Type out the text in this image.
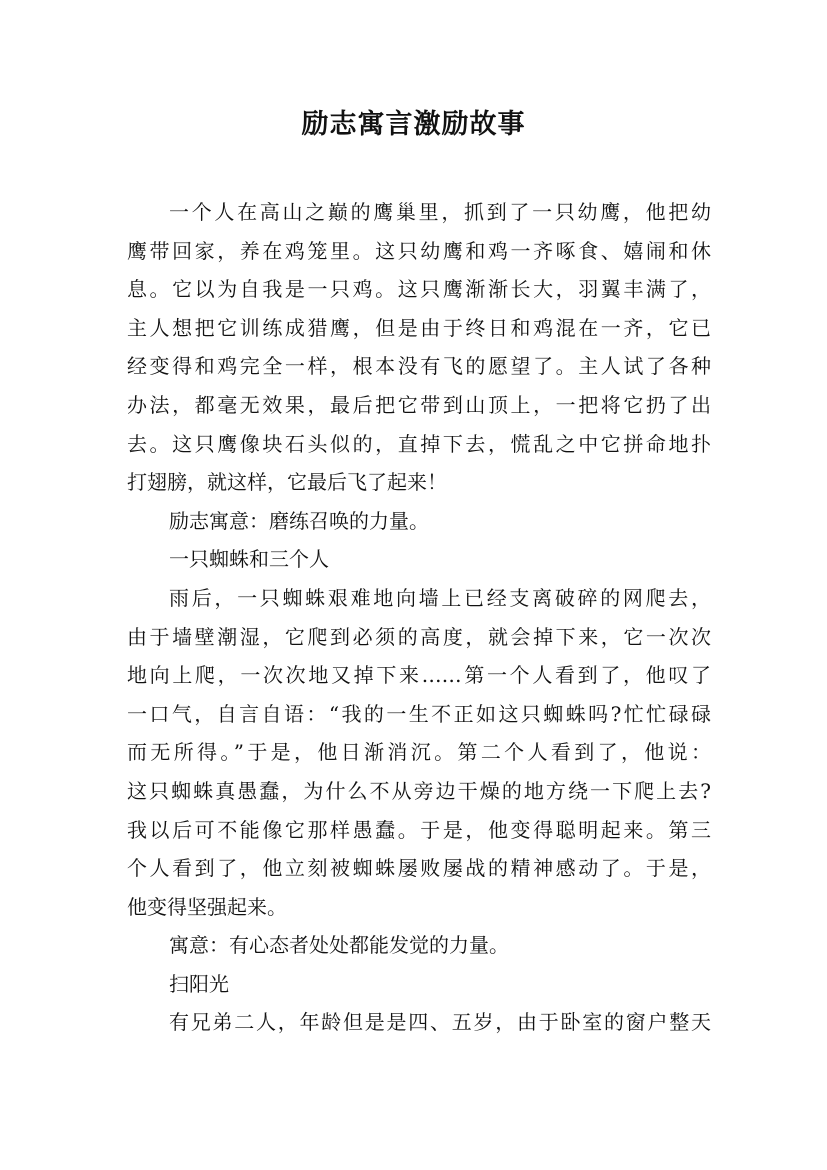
励志寓言激励故事
一个人在高山之巅的鹰巢里，抓到了一只幼鹰，他把幼
鹰带回家，养在鸡笼里。这只幼鹰和鸡一齐啄食、嬉闹和休
息。它以为自我是一只鸡。这只鹰渐渐长大，羽翼丰满了，
主人想把它训练成猎鹰，但是由于终日和鸡混在一齐，它已
经变得和鸡完全一样，根本没有飞的愿望了。主人试了各种
办法，都毫无效果，最后把它带到山顶上，一把将它扔了出
去。这只鹰像块石头似的，直掉下去，慌乱之中它拼命地扑
打翅膀，就这样，它最后飞了起来！
励志寓意：磨练召唤的力量。
一只蜘蛛和三个人
雨后，一只蜘蛛艰难地向墙上已经支离破碎的网爬去，
由于墙壁潮湿，它爬到必须的高度，就会掉下来，它一次次
地向上爬，一次次地又掉下来……第一个人看到了，他叹了
一口气，自言自语：“我的一生不正如这只蜘蛛吗?忙忙碌碌
而无所得。”于是，他日渐消沉。第二个人看到了，他说：
这只蜘蛛真愚蠢，为什么不从旁边干燥的地方绕一下爬上去?
我以后可不能像它那样愚蠢。于是，他变得聪明起来。第三
个人看到了，他立刻被蜘蛛屡败屡战的精神感动了。于是，
他变得坚强起来。
寓意：有心态者处处都能发觉的力量。
扫阳光
有兄弟二人，年龄但是是四、五岁，由于卧室的窗户整天
